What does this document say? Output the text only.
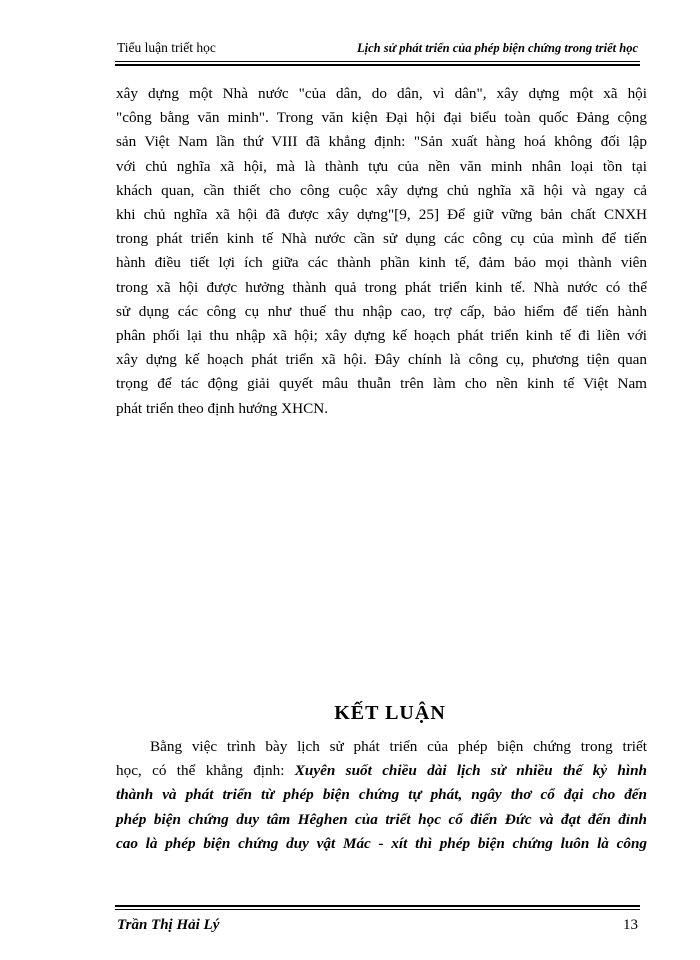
Tiểu luận triết học	Lịch sử phát triển của phép biện chứng trong triết học
xây dựng một Nhà nước "của dân, do dân, vì dân", xây dựng một xã hội
"công bằng văn minh". Trong văn kiện Đại hội đại biểu toàn quốc Đảng cộng
sản Việt Nam lần thứ VIII đã khẳng định: "Sản xuất hàng hoá không đối lập
với chủ nghĩa xã hội, mà là thành tựu của nền văn minh nhân loại tồn tại
khách quan, cần thiết cho công cuộc xây dựng chủ nghĩa xã hội và ngay cả
khi chủ nghĩa xã hội đã được xây dựng"[9, 25] Để giữ vững bản chất CNXH
trong phát triển kinh tế Nhà nước cần sử dụng các công cụ của mình để tiến
hành điều tiết lợi ích giữa các thành phần kinh tế, đảm bảo mọi thành viên
trong xã hội được hưởng thành quả trong phát triển kinh tế. Nhà nước có thể
sử dụng các công cụ như thuế thu nhập cao, trợ cấp, bảo hiểm để tiến hành
phân phối lại thu nhập xã hội; xây dựng kế hoạch phát triển kinh tế đi liền với
xây dựng kế hoạch phát triển xã hội. Đây chính là công cụ, phương tiện quan
trọng để tác động giải quyết mâu thuẫn trên làm cho nền kinh tế Việt Nam
phát triển theo định hướng XHCN.
KẾT LUẬN
Bằng việc trình bày lịch sử phát triển của phép biện chứng trong triết
học, có thể khẳng định: Xuyên suốt chiều dài lịch sử nhiều thế kỷ hình
thành và phát triển từ phép biện chứng tự phát, ngây thơ cổ đại cho đến
phép biện chứng duy tâm Hêghen của triết học cổ điển Đức và đạt đến đỉnh
cao là phép biện chứng duy vật Mác - xít thì phép biện chứng luôn là công
Trần Thị Hải Lý	13
